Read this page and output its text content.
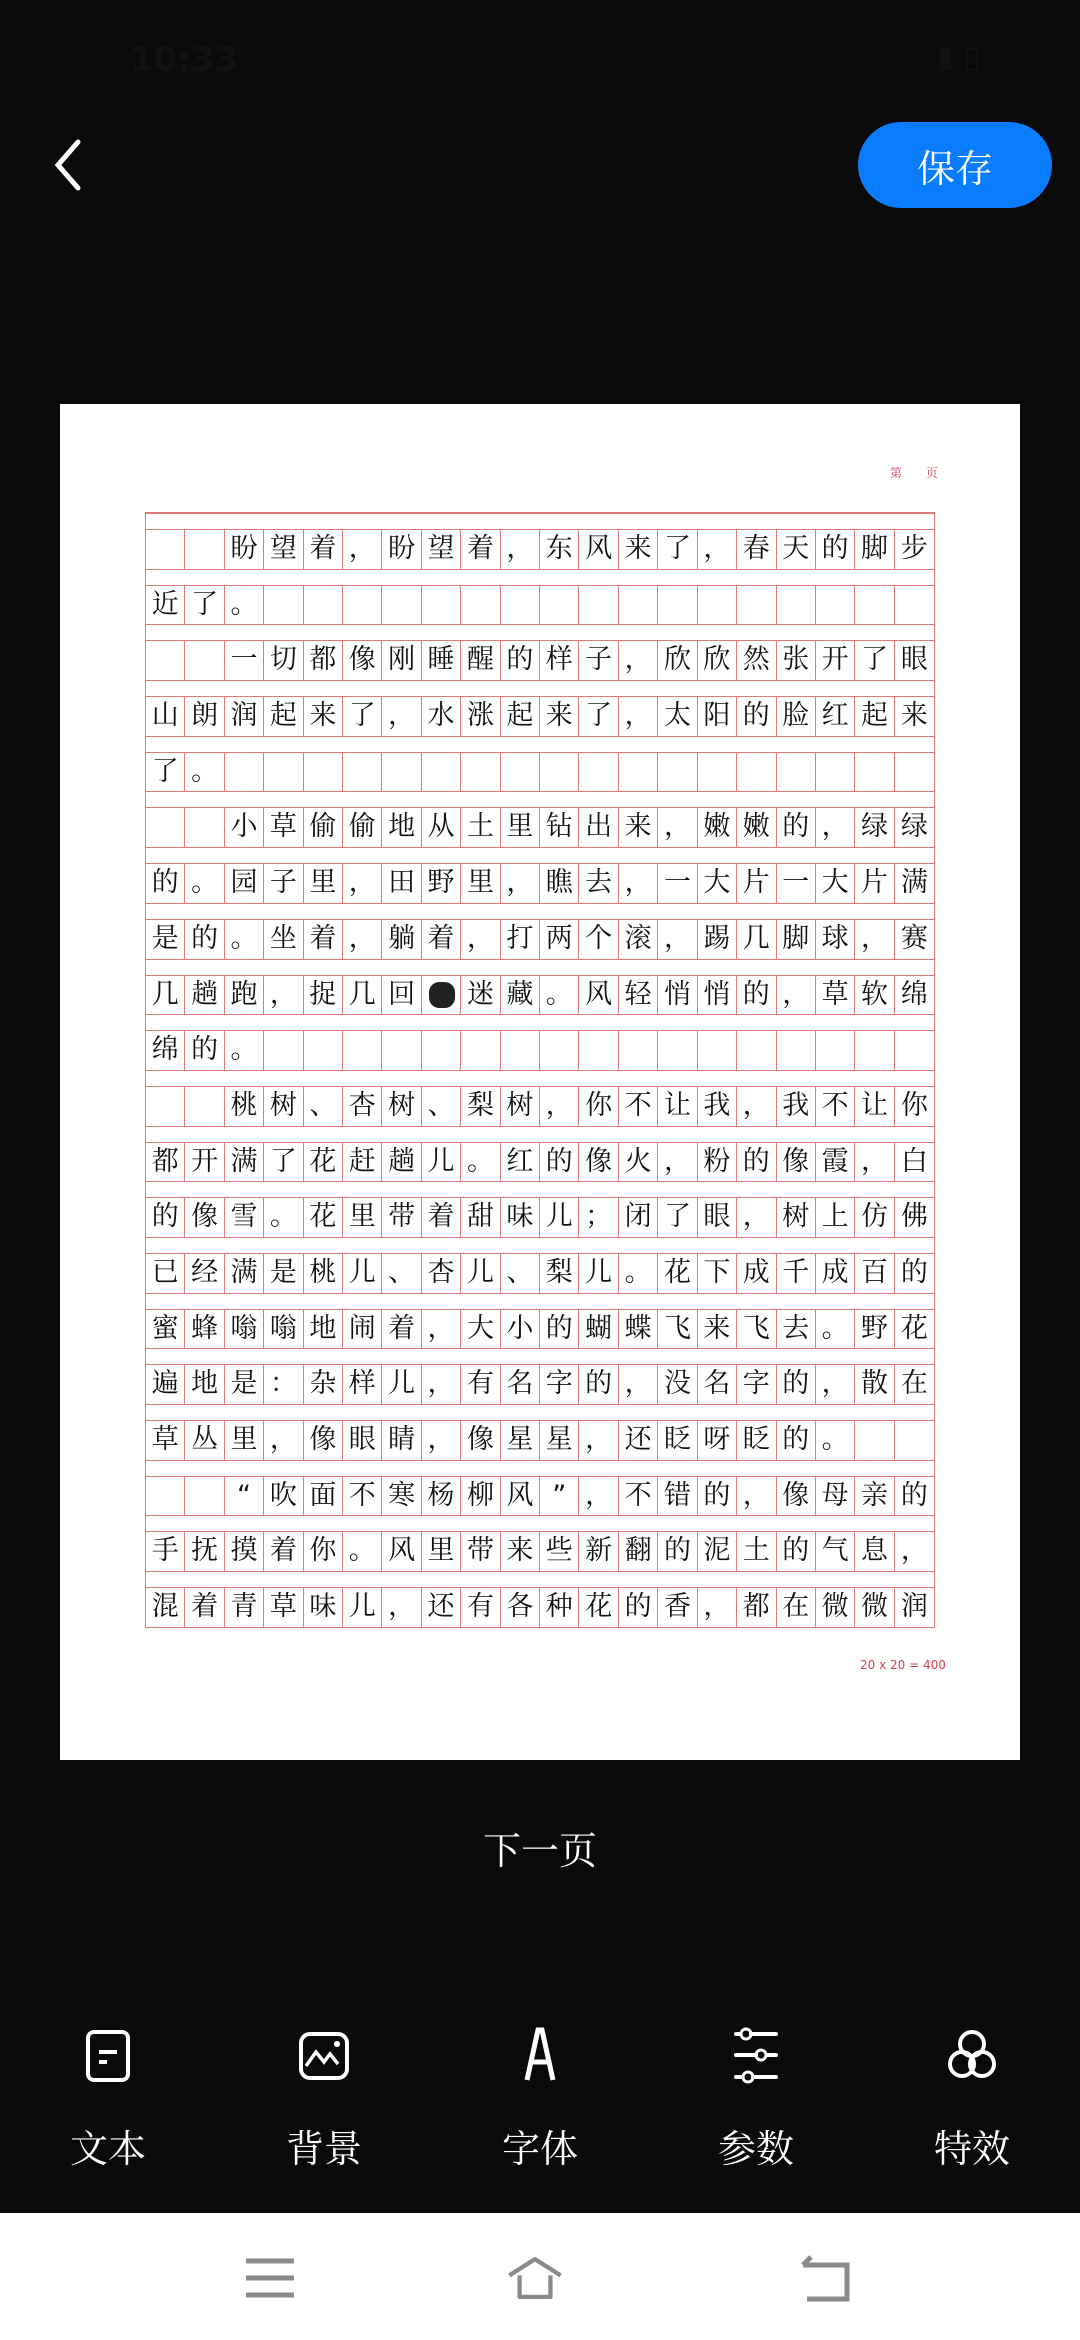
10:33	▮ ▯
保存
第 页
盼 望 着 ， 盼 望 着 ， 东 风 来 了 ， 春 天 的 脚 步
近 了 。
一 切 都 像 刚 睡 醒 的 样 子 ， 欣 欣 然 张 开 了 眼
山 朗 润 起 来 了 ， 水 涨 起 来 了 ， 太 阳 的 脸 红 起 来
了 。
小 草 偷 偷 地 从 土 里 钻 出 来 ， 嫩 嫩 的 ， 绿 绿
的 。 园 子 里 ， 田 野 里 ， 瞧 去 ， 一 大 片 一 大 片 满
是 的 。 坐 着 ， 躺 着 ， 打 两 个 滚 ， 踢 几 脚 球 ， 赛
几 趟 跑 ， 捉 几 回 迷 藏 。 风 轻 悄 悄 的 ， 草 软 绵
绵 的 。
桃 树 、 杏 树 、 梨 树 ， 你 不 让 我 ， 我 不 让 你
都 开 满 了 花 赶 趟 儿 。 红 的 像 火 ， 粉 的 像 霞 ， 白
的 像 雪 。 花 里 带 着 甜 味 儿 ； 闭 了 眼 ， 树 上 仿 佛
已 经 满 是 桃 儿 、 杏 儿 、 梨 儿 。 花 下 成 千 成 百 的
蜜 蜂 嗡 嗡 地 闹 着 ， 大 小 的 蝴 蝶 飞 来 飞 去 。 野 花
遍 地 是 ： 杂 样 儿 ， 有 名 字 的 ， 没 名 字 的 ， 散 在
草 丛 里 ， 像 眼 睛 ， 像 星 星 ， 还 眨 呀 眨 的 。
“ 吹 面 不 寒 杨 柳 风 ” ， 不 错 的 ， 像 母 亲 的
手 抚 摸 着 你 。 风 里 带 来 些 新 翻 的 泥 土 的 气 息 ，
混 着 青 草 味 儿 ， 还 有 各 种 花 的 香 ， 都 在 微 微 润
20 x 20 = 400
下一页
文本	背景	字体	参数	特效
